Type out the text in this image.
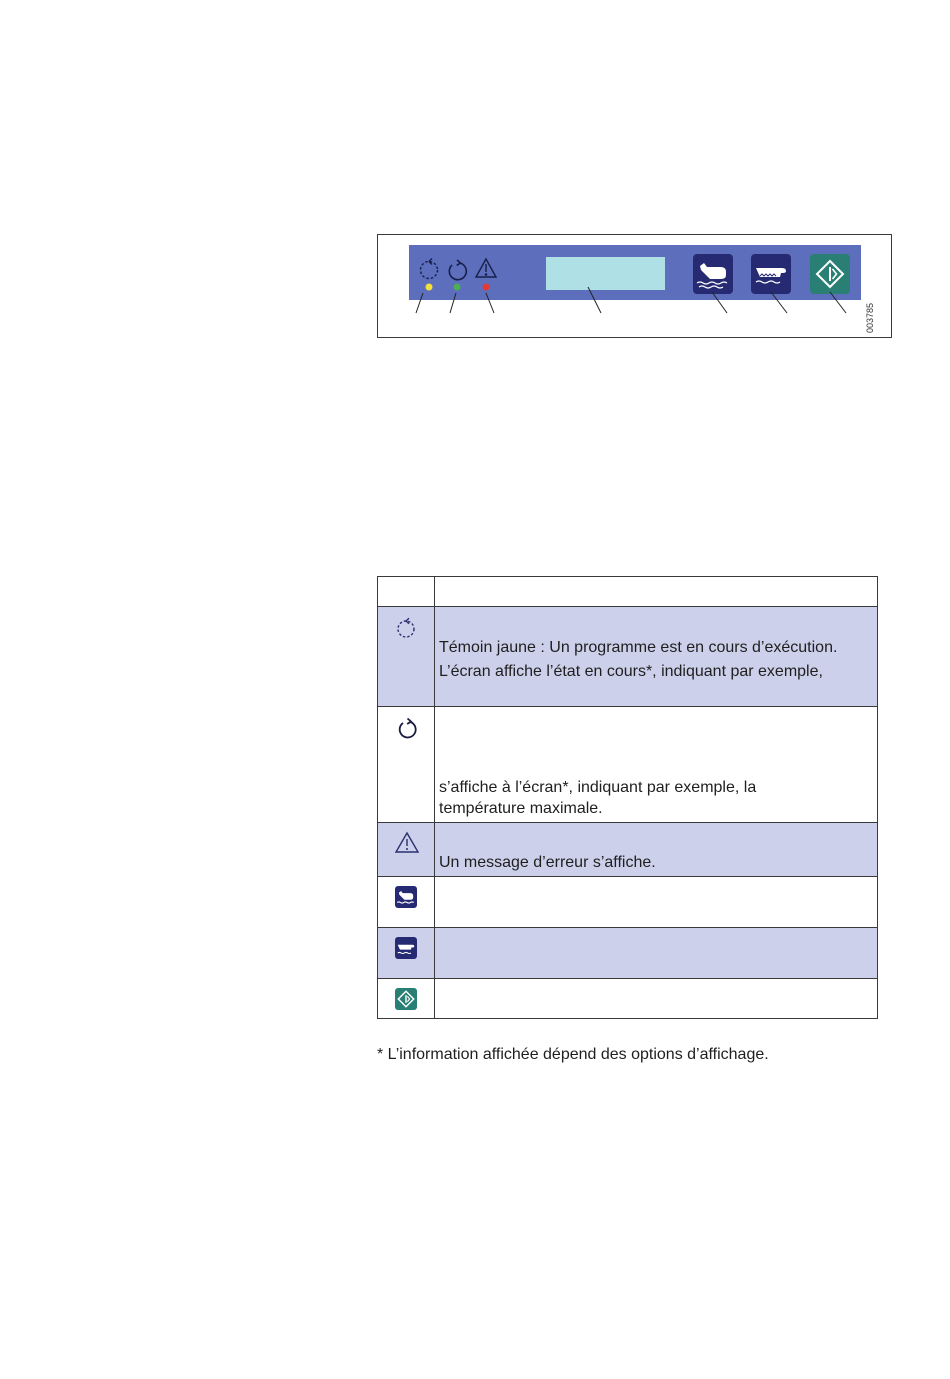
003785
Témoin jaune : Un programme est en cours d’exécution.
L’écran affiche l’état en cours*, indiquant par exemple,
s’affiche à l’écran*, indiquant par exemple, la
température maximale.
Un message d’erreur s’affiche.
* L’information affichée dépend des options d’affichage.
